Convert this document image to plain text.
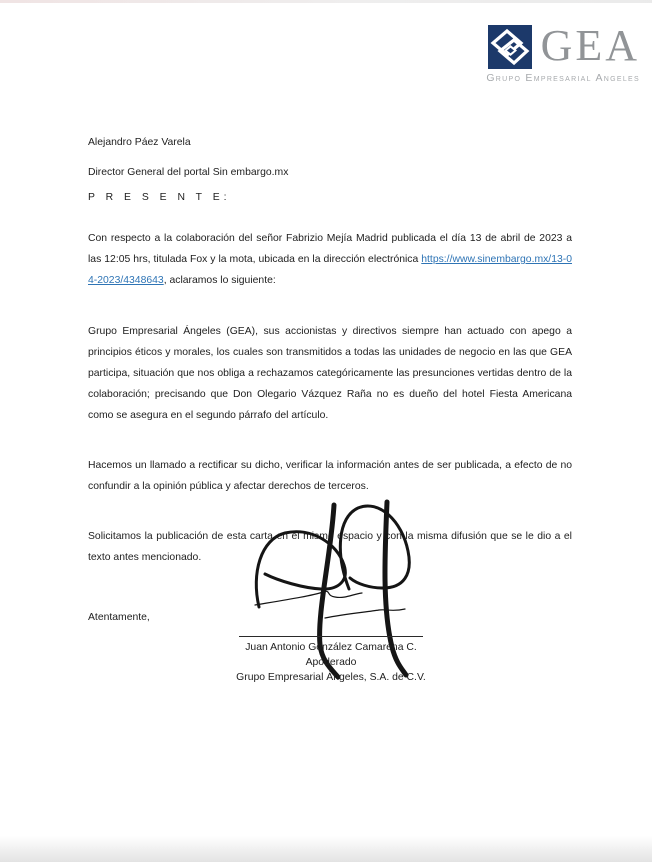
GEA
Grupo Empresarial Angeles
Alejandro Páez Varela
Director General del portal Sin embargo.mx
P R E S E N T E:

Con respecto a la colaboración del señor Fabrizio Mejía Madrid publicada el día 13 de abril de 2023 a las 12:05 hrs, titulada Fox y la mota, ubicada en la dirección electrónica https://www.sinembargo.mx/13-04-2023/4348643, aclaramos lo siguiente:

Grupo Empresarial Ángeles (GEA), sus accionistas y directivos siempre han actuado con apego a principios éticos y morales, los cuales son transmitidos a todas las unidades de negocio en las que GEA participa, situación que nos obliga a rechazamos categóricamente las presunciones vertidas dentro de la colaboración; precisando que Don Olegario Vázquez Raña no es dueño del hotel Fiesta Americana como se asegura en el segundo párrafo del artículo.

Hacemos un llamado a rectificar su dicho, verificar la información antes de ser publicada, a efecto de no confundir a la opinión pública y afectar derechos de terceros.

Solicitamos la publicación de esta carta en el mismo espacio y con la misma difusión que se le dio a el texto antes mencionado.

Atentamente,
Juan Antonio González Camarena C.
Apoderado
Grupo Empresarial Ángeles, S.A. de C.V.
